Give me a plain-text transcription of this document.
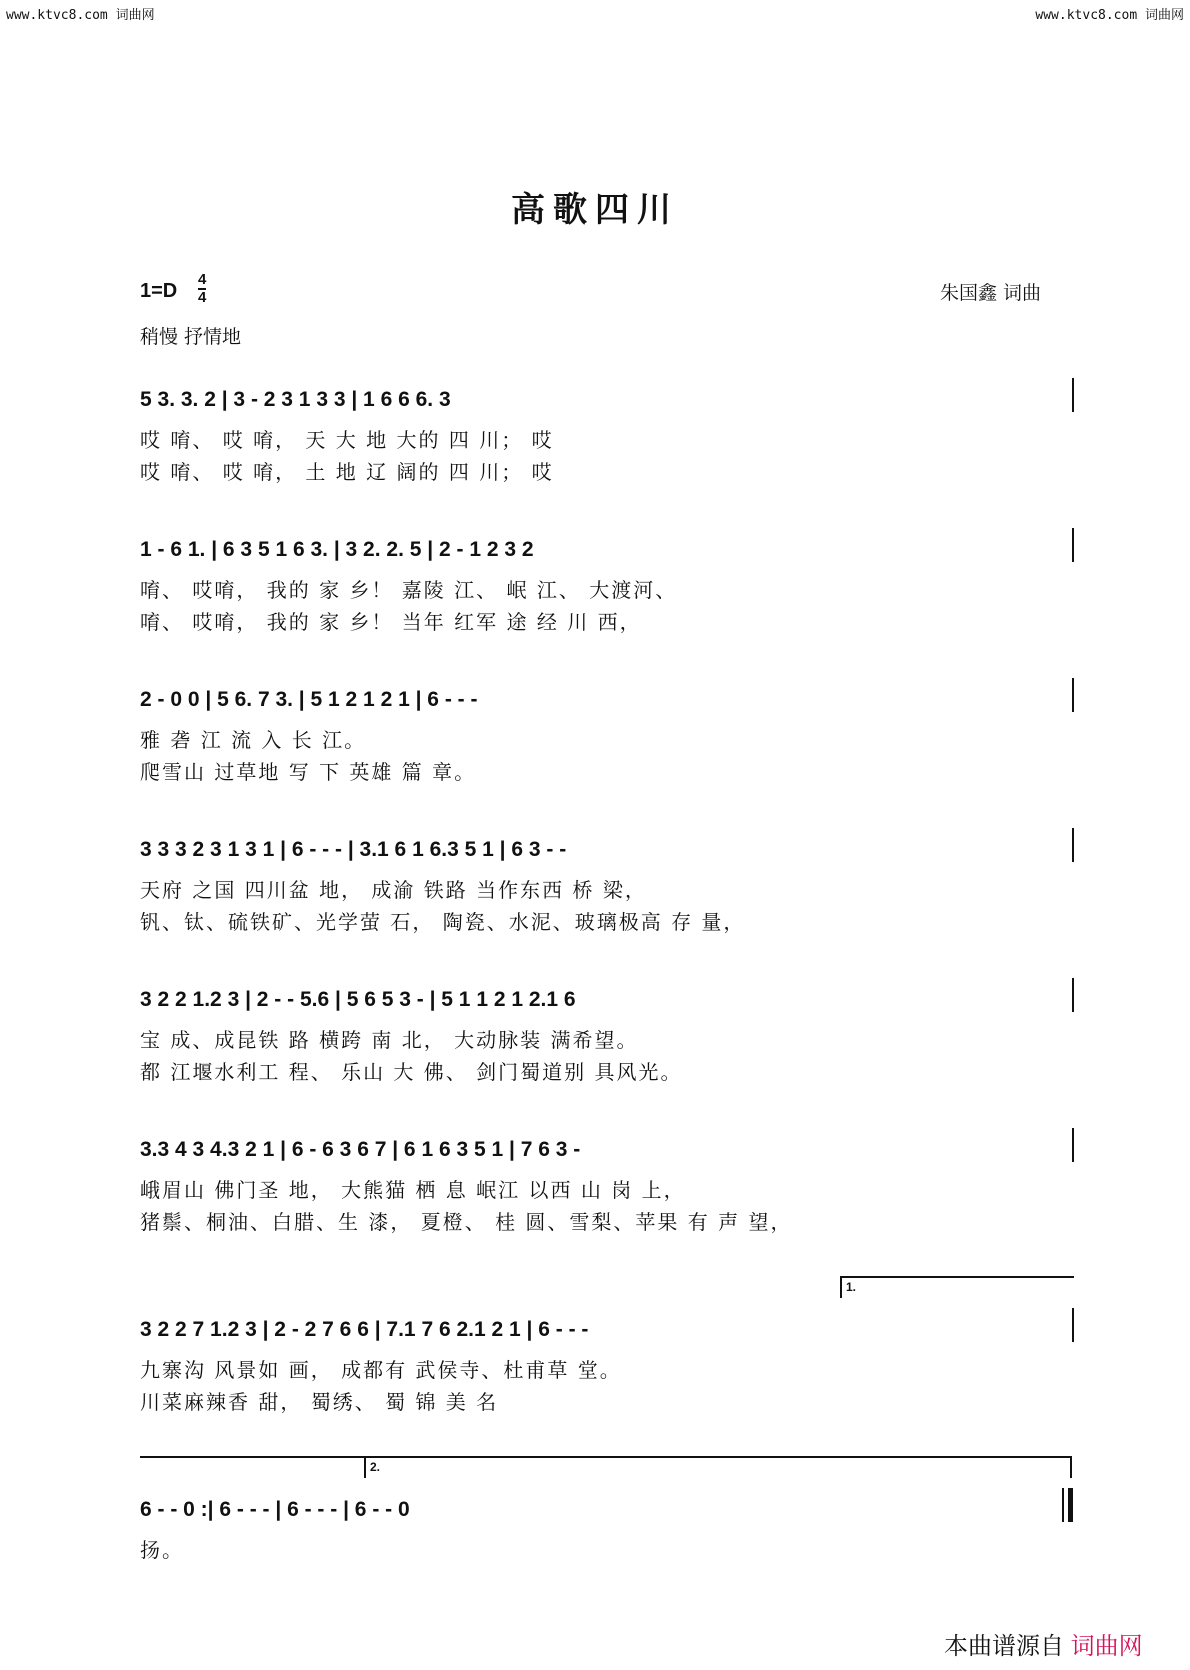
www.ktvc8.com 词曲网	www.ktvc8.com 词曲网
高歌四川
$1=D \frac{4}{4}$	朱国鑫 词曲
稍慢 抒情地
5 3. 3. 2 | 3 - 2 3 1 3 3 | 1 6 6 6. 3
哎 唷、 哎 唷， 天 大 地 大的 四 川； 哎
哎 唷、 哎 唷， 土 地 辽 阔的 四 川； 哎
1 - 6 1. | 6 3 5 1 6 3. | 3 2. 2. 5 | 2 - 1 2 3 2
唷、 哎唷， 我的 家 乡！ 嘉陵 江、 岷 江、 大渡河、
唷、 哎唷， 我的 家 乡！ 当年 红军 途 经 川 西，
2 - 0 0 | 5 6. 7 3. | 5 1 2 1 2 1 | 6 - - -
雅 砻 江 流 入 长 江。
爬雪山 过草地 写 下 英雄 篇 章。
3 3 3 2 3 1 3 1 | 6 - - - | 3.1 6 1 6.3 5 1 | 6 3 - -
天府 之国 四川盆 地， 成渝 铁路 当作东西 桥 梁，
钒、钛、硫铁矿、光学萤 石， 陶瓷、水泥、玻璃极高 存 量，
3 2 2 1.2 3 | 2 - - 5.6 | 5 6 5 3 - | 5 1 1 2 1 2.1 6
宝 成、成昆铁 路 横跨 南 北， 大动脉装 满希望。
都 江堰水利工 程、 乐山 大 佛、 剑门蜀道别 具风光。
3.3 4 3 4.3 2 1 | 6 - 6 3 6 7 | 6 1 6 3 5 1 | 7 6 3 -
峨眉山 佛门圣 地， 大熊猫 栖 息 岷江 以西 山 岗 上，
猪鬃、桐油、白腊、生 漆， 夏橙、 桂 圆、雪梨、苹果 有 声 望，
1.
3 2 2 7 1.2 3 | 2 - 2 7 6 6 | 7.1 7 6 2.1 2 1 | 6 - - -
九寨沟 风景如 画， 成都有 武侯寺、杜甫草 堂。
川菜麻辣香 甜， 蜀绣、 蜀 锦 美 名
2.
6 - - 0 :| 6 - - - | 6 - - - | 6 - - 0
扬。
本曲谱源自 词曲网
